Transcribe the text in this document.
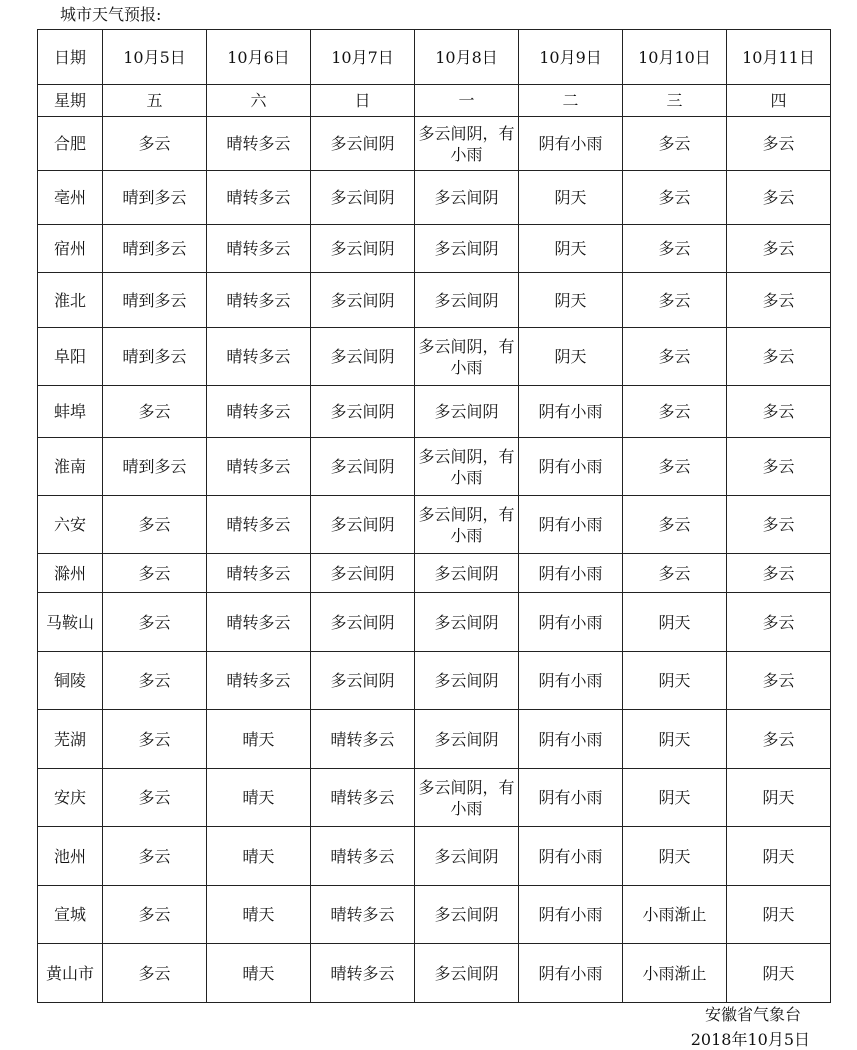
城市天气预报:
日期	10月5日	10月6日	10月7日	10月8日	10月9日	10月10日	10月11日
星期	五	六	日	一	二	三	四
合肥	多云	晴转多云	多云间阴	多云间阴，有小雨	阴有小雨	多云	多云
亳州	晴到多云	晴转多云	多云间阴	多云间阴	阴天	多云	多云
宿州	晴到多云	晴转多云	多云间阴	多云间阴	阴天	多云	多云
淮北	晴到多云	晴转多云	多云间阴	多云间阴	阴天	多云	多云
阜阳	晴到多云	晴转多云	多云间阴	多云间阴，有小雨	阴天	多云	多云
蚌埠	多云	晴转多云	多云间阴	多云间阴	阴有小雨	多云	多云
淮南	晴到多云	晴转多云	多云间阴	多云间阴，有小雨	阴有小雨	多云	多云
六安	多云	晴转多云	多云间阴	多云间阴，有小雨	阴有小雨	多云	多云
滁州	多云	晴转多云	多云间阴	多云间阴	阴有小雨	多云	多云
马鞍山	多云	晴转多云	多云间阴	多云间阴	阴有小雨	阴天	多云
铜陵	多云	晴转多云	多云间阴	多云间阴	阴有小雨	阴天	多云
芜湖	多云	晴天	晴转多云	多云间阴	阴有小雨	阴天	多云
安庆	多云	晴天	晴转多云	多云间阴，有小雨	阴有小雨	阴天	阴天
池州	多云	晴天	晴转多云	多云间阴	阴有小雨	阴天	阴天
宣城	多云	晴天	晴转多云	多云间阴	阴有小雨	小雨渐止	阴天
黄山市	多云	晴天	晴转多云	多云间阴	阴有小雨	小雨渐止	阴天
安徽省气象台
2018年10月5日
